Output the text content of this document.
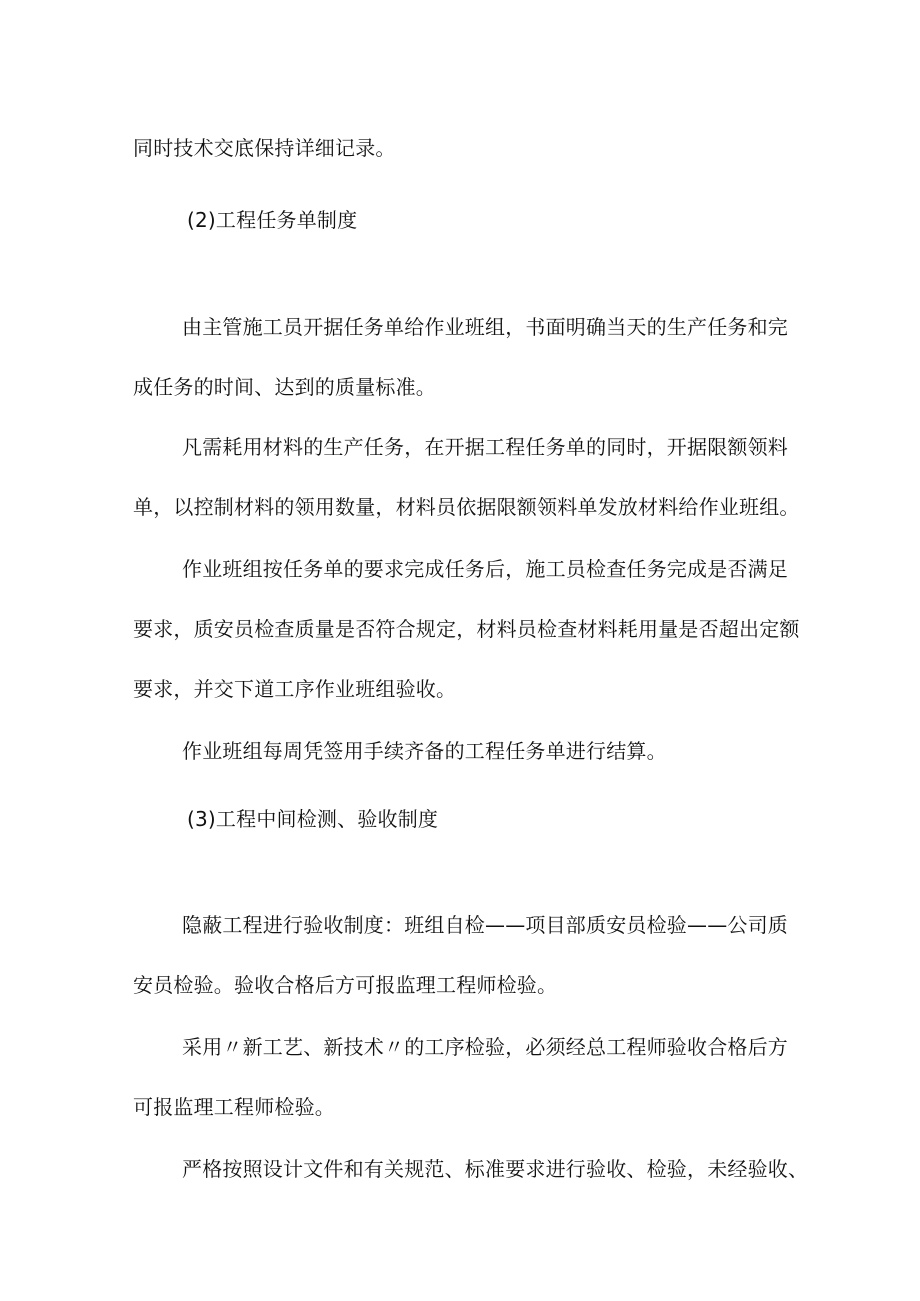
同时技术交底保持详细记录。
(2)工程任务单制度
由主管施工员开据任务单给作业班组，书面明确当天的生产任务和完
成任务的时间、达到的质量标准。
凡需耗用材料的生产任务，在开据工程任务单的同时，开据限额领料
单，以控制材料的领用数量，材料员依据限额领料单发放材料给作业班组。
作业班组按任务单的要求完成任务后，施工员检查任务完成是否满足
要求，质安员检查质量是否符合规定，材料员检查材料耗用量是否超出定额
要求，并交下道工序作业班组验收。
作业班组每周凭签用手续齐备的工程任务单进行结算。
(3)工程中间检测、验收制度
隐蔽工程进行验收制度：班组自检——项目部质安员检验——公司质
安员检验。验收合格后方可报监理工程师检验。
采用〃新工艺、新技术〃的工序检验，必须经总工程师验收合格后方
可报监理工程师检验。
严格按照设计文件和有关规范、标准要求进行验收、检验，未经验收、
